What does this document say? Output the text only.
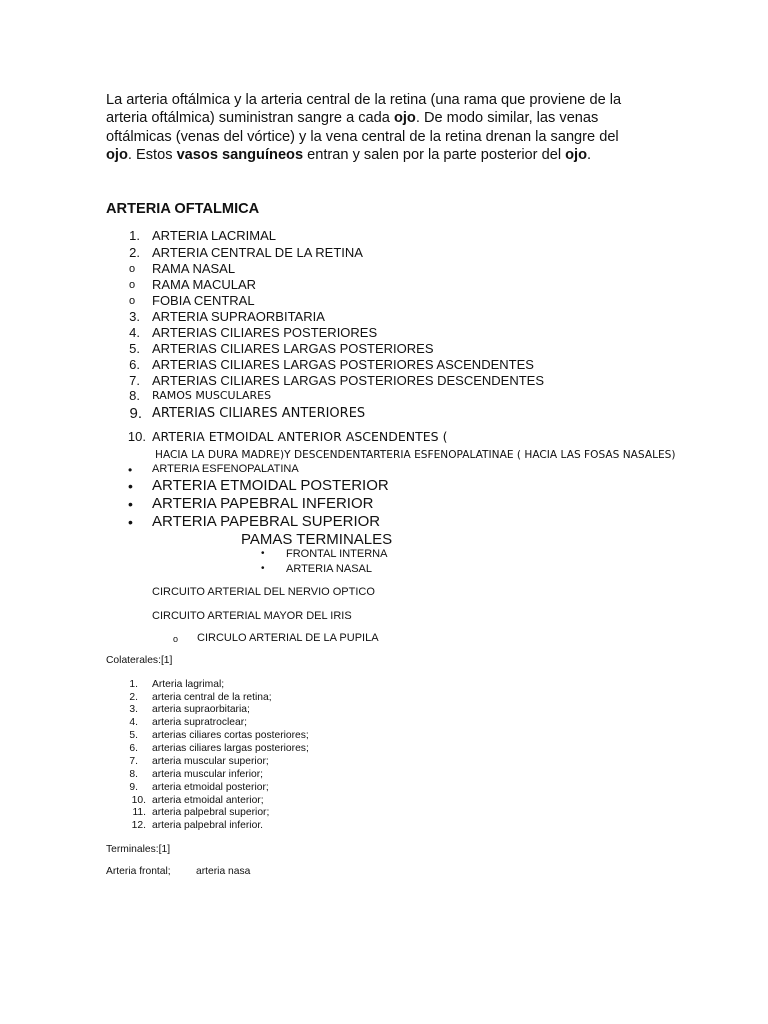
La arteria oftálmica y la arteria central de la retina (una rama que proviene de la arteria oftálmica) suministran sangre a cada ojo. De modo similar, las venas oftálmicas (venas del vórtice) y la vena central de la retina drenan la sangre del ojo. Estos vasos sanguíneos entran y salen por la parte posterior del ojo.
ARTERIA OFTALMICA
1. ARTERIA LACRIMAL
2. ARTERIA CENTRAL DE LA RETINA
o RAMA NASAL
o RAMA MACULAR
o FOBIA CENTRAL
3. ARTERIA SUPRAORBITARIA
4. ARTERIAS CILIARES POSTERIORES
5. ARTERIAS CILIARES LARGAS POSTERIORES
6. ARTERIAS CILIARES LARGAS POSTERIORES ASCENDENTES
7. ARTERIAS CILIARES LARGAS POSTERIORES DESCENDENTES
8. RAMOS MUSCULARES
9. ARTERIAS CILIARES ANTERIORES
10. ARTERIA ETMOIDAL ANTERIOR ASCENDENTES (
HACIA LA DURA MADRE)Y DESCENDENTARTERIA ESFENOPALATINAE ( HACIA LAS FOSAS NASALES)
• ARTERIA ESFENOPALATINA
• ARTERIA ETMOIDAL POSTERIOR
• ARTERIA PAPEBRAL INFERIOR
• ARTERIA PAPEBRAL SUPERIOR
PAMAS TERMINALES
• FRONTAL INTERNA
• ARTERIA NASAL
CIRCUITO ARTERIAL DEL NERVIO OPTICO
CIRCUITO ARTERIAL MAYOR DEL IRIS
o CIRCULO ARTERIAL DE LA PUPILA
Colaterales:[1]
1. Arteria lagrimal;
2. arteria central de la retina;
3. arteria supraorbitaria;
4. arteria supratroclear;
5. arterias ciliares cortas posteriores;
6. arterias ciliares largas posteriores;
7. arteria muscular superior;
8. arteria muscular inferior;
9. arteria etmoidal posterior;
10. arteria etmoidal anterior;
11. arteria palpebral superior;
12. arteria palpebral inferior.
Terminales:[1]
Arteria frontal; arteria nasa
